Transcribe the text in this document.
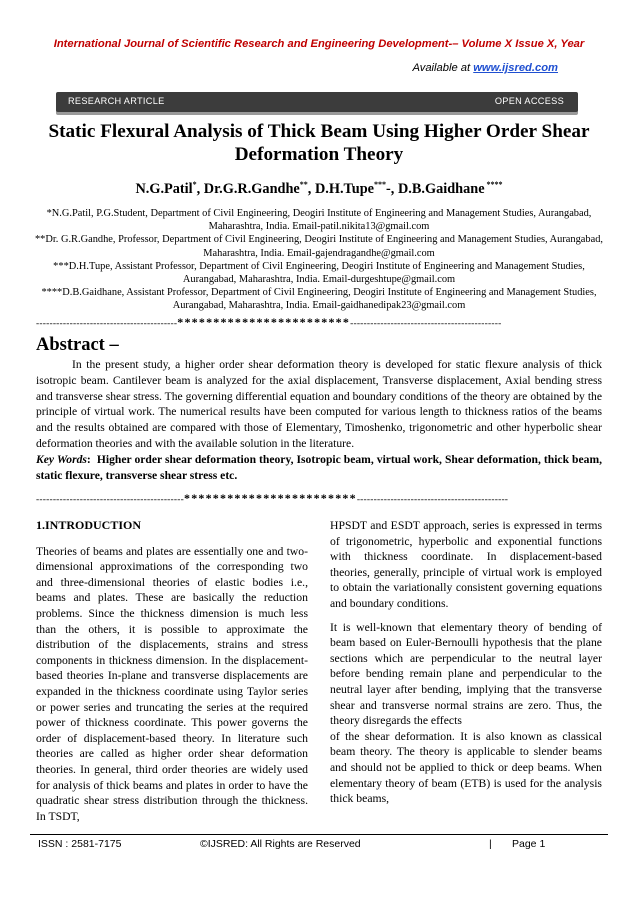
International Journal of Scientific Research and Engineering Development-– Volume X Issue X, Year
Available at www.ijsred.com
RESEARCH ARTICLE	OPEN ACCESS
Static Flexural Analysis of Thick Beam Using Higher Order Shear
Deformation Theory
N.G.Patil*, Dr.G.R.Gandhe**, D.H.Tupe***-, D.B.Gaidhane ****

*N.G.Patil, P.G.Student, Department of Civil Engineering, Deogiri Institute of Engineering and Management Studies, Aurangabad, Maharashtra, India. Email-patil.nikita13@gmail.com

**Dr. G.R.Gandhe, Professor, Department of Civil Engineering, Deogiri Institute of Engineering and Management Studies, Aurangabad, Maharashtra, India. Email-gajendragandhe@gmail.com

***D.H.Tupe, Assistant Professor, Department of Civil Engineering, Deogiri Institute of Engineering and Management Studies, Aurangabad, Maharashtra, India. Email-durgeshtupe@gmail.com

****D.B.Gaidhane, Assistant Professor, Department of Civil Engineering, Deogiri Institute of Engineering and Management Studies, Aurangabad, Maharashtra, India. Email-gaidhanedipak23@gmail.com

------------------------------------------************************---------------------------------------------
Abstract –

In the present study, a higher order shear deformation theory is developed for static flexure analysis of thick isotropic beam. Cantilever beam is analyzed for the axial displacement, Transverse displacement, Axial bending stress and transverse shear stress. The governing differential equation and boundary conditions of the theory are obtained by the principle of virtual work. The numerical results have been computed for various length to thickness ratios of the beams and the results obtained are compared with those of Elementary, Timoshenko, trigonometric and other hyperbolic shear deformation theories and with the available solution in the literature.

Key Words:  Higher order shear deformation theory, Isotropic beam, virtual work, Shear deformation, thick beam, static flexure, transverse shear stress etc.
--------------------------------------------************************---------------------------------------------

1.INTRODUCTION

Theories of beams and plates are essentially one and two-dimensional approximations of the corresponding two and three-dimensional theories of elastic bodies i.e., beams and plates. These are basically the reduction problems. Since the thickness dimension is much less than the others, it is possible to approximate the distribution of the displacements, strains and stress components in thickness dimension. In the displacement-based theories In-plane and transverse displacements are expanded in the thickness coordinate using Taylor series or power series and truncating the series at the required power of thickness coordinate. This power governs the order of displacement-based theory. In literature such theories are called as higher order shear deformation theories. In general, third order theories are widely used for analysis of thick beams and plates in order to have the quadratic shear stress distribution through the thickness. In TSDT,

HPSDT and ESDT approach, series is expressed in terms of trigonometric, hyperbolic and exponential functions with thickness coordinate. In displacement-based theories, generally, principle of virtual work is employed to obtain the variationally consistent governing equations and boundary conditions.

It is well-known that elementary theory of bending of beam based on Euler-Bernoulli hypothesis that the plane sections which are perpendicular to the neutral layer before bending remain plane and perpendicular to the neutral layer after bending, implying that the transverse shear and transverse normal strains are zero. Thus, the theory disregards the effects

of the shear deformation. It is also known as classical beam theory. The theory is applicable to slender beams and should not be applied to thick or deep beams. When elementary theory of beam (ETB) is used for the analysis thick beams,

ISSN : 2581-7175	©IJSRED: All Rights are Reserved	| Page 1
